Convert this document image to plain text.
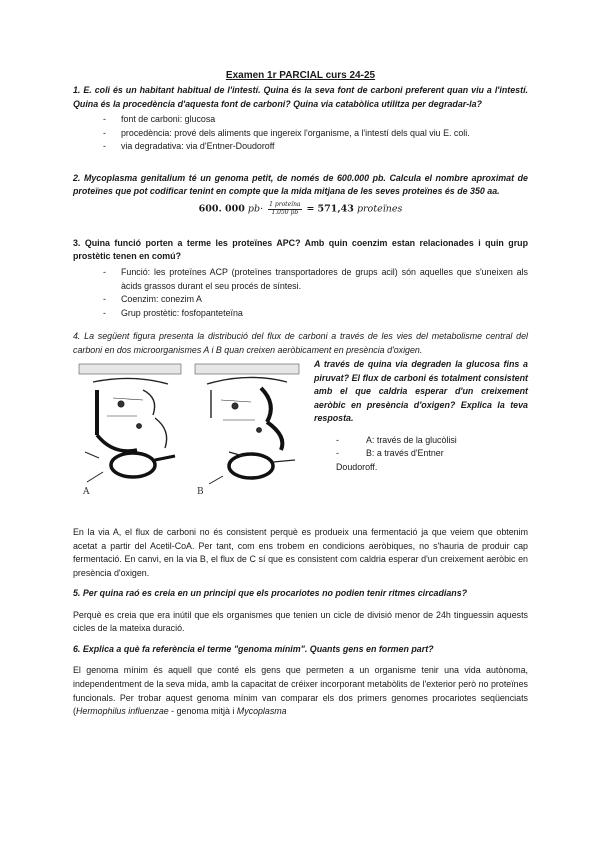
Examen 1r PARCIAL curs 24-25

1. E. coli és un habitant habitual de l'intestí. Quina és la seva font de carboni preferent quan viu a l'intestí. Quina és la procedència d'aquesta font de carboni? Quina via catabòlica utilitza per degradar-la?

- font de carboni: glucosa
- procedència: prové dels aliments que ingereix l'organisme, a l'intestí dels qual viu E. coli.
- via degradativa: via d'Entner-Doudoroff

2. Mycoplasma genitalium té un genoma petit, de només de 600.000 pb. Calcula el nombre aproximat de proteïnes que pot codificar tenint en compte que la mida mitjana de les seves proteïnes és de 350 aa.

600. 000 $pb\cdot \frac{\text{1 proteïna}}{1.050 pb} = 571,43$ proteïnes

3. Quina funció porten a terme les proteïnes APC? Amb quin coenzim estan relacionades i quin grup prostètic tenen en comú?

- Funció: les proteïnes ACP (proteïnes transportadores de grups acil) són aquelles que s'uneixen als àcids grassos durant el seu procés de síntesi.
- Coenzim: conezim A
- Grup prostètic: fosfopanteteïna

4. La següent figura presenta la distribució del flux de carboni a través de les vies del metabolisme central del carboni en dos microorganismes A i B quan creixen aeròbicament en presència d'oxigen.

A	B

A través de quina via degraden la glucosa fins a piruvat? El flux de carboni és totalment consistent amb el que caldria esperar d'un creixement aeròbic en presència d'oxigen? Explica la teva resposta.

- A: través de la glucòlisi
- B: a través d'Entner
Doudoroff.

En la via A, el flux de carboni no és consistent perquè es produeix una fermentació ja que veiem que obtenim acetat a partir del Acetil-CoA. Per tant, com ens trobem en condicions aeròbiques, no s'hauria de produir cap fermentació. En canvi, en la via B, el flux de C sí que es consistent com caldria esperar d'un creixement aeròbic en presència d'oxigen.

5. Per quina raó es creia en un principi que els procariotes no podien tenir ritmes circadians?

Perquè es creia que era inútil que els organismes que tenien un cicle de divisió menor de 24h tinguessin aquests cicles de la mateixa duració.

6. Explica a què fa referència el terme "genoma mínim". Quants gens en formen part?

El genoma mínim és aquell que conté els gens que permeten a un organisme tenir una vida autònoma, independentment de la seva mida, amb la capacitat de créixer incorporant metabòlits de l'exterior però no proteïnes funcionals. Per trobar aquest genoma mínim van comparar els dos primers genomes procariotes seqüenciats (Hermophilus influenzae - genoma mitjà i Mycoplasma
